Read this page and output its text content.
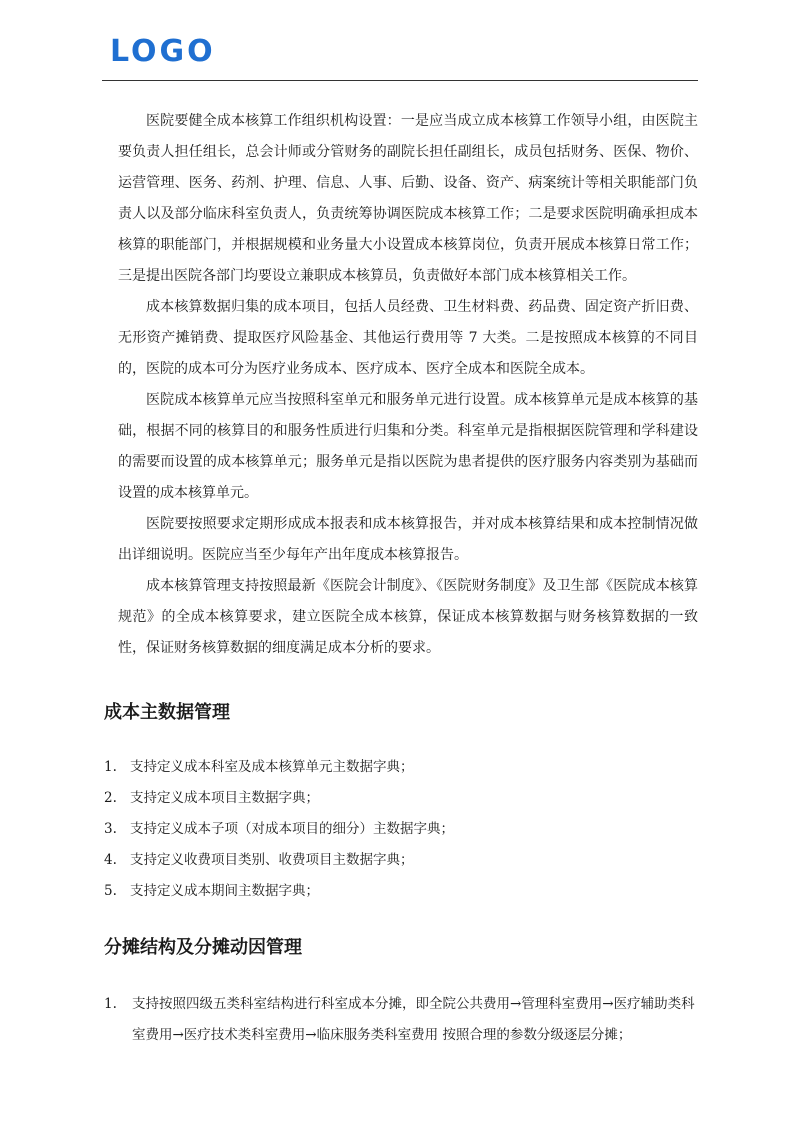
LOGO

医院要健全成本核算工作组织机构设置：一是应当成立成本核算工作领导小组，由医院主要负责人担任组长，总会计师或分管财务的副院长担任副组长，成员包括财务、医保、物价、运营管理、医务、药剂、护理、信息、人事、后勤、设备、资产、病案统计等相关职能部门负责人以及部分临床科室负责人，负责统筹协调医院成本核算工作；二是要求医院明确承担成本核算的职能部门，并根据规模和业务量大小设置成本核算岗位，负责开展成本核算日常工作；三是提出医院各部门均要设立兼职成本核算员，负责做好本部门成本核算相关工作。

成本核算数据归集的成本项目，包括人员经费、卫生材料费、药品费、固定资产折旧费、无形资产摊销费、提取医疗风险基金、其他运行费用等 7 大类。二是按照成本核算的不同目的，医院的成本可分为医疗业务成本、医疗成本、医疗全成本和医院全成本。

医院成本核算单元应当按照科室单元和服务单元进行设置。成本核算单元是成本核算的基础，根据不同的核算目的和服务性质进行归集和分类。科室单元是指根据医院管理和学科建设的需要而设置的成本核算单元；服务单元是指以医院为患者提供的医疗服务内容类别为基础而设置的成本核算单元。

医院要按照要求定期形成成本报表和成本核算报告，并对成本核算结果和成本控制情况做出详细说明。医院应当至少每年产出年度成本核算报告。

成本核算管理支持按照最新《医院会计制度》、《医院财务制度》及卫生部《医院成本核算规范》的全成本核算要求，建立医院全成本核算，保证成本核算数据与财务核算数据的一致性，保证财务核算数据的细度满足成本分析的要求。

成本主数据管理
1. 支持定义成本科室及成本核算单元主数据字典；
2. 支持定义成本项目主数据字典；
3. 支持定义成本子项（对成本项目的细分）主数据字典；
4. 支持定义收费项目类别、收费项目主数据字典；
5. 支持定义成本期间主数据字典；
分摊结构及分摊动因管理
1. 支持按照四级五类科室结构进行科室成本分摊，即全院公共费用→管理科室费用→医疗辅助类科室费用→医疗技术类科室费用→临床服务类科室费用 按照合理的参数分级逐层分摊；
